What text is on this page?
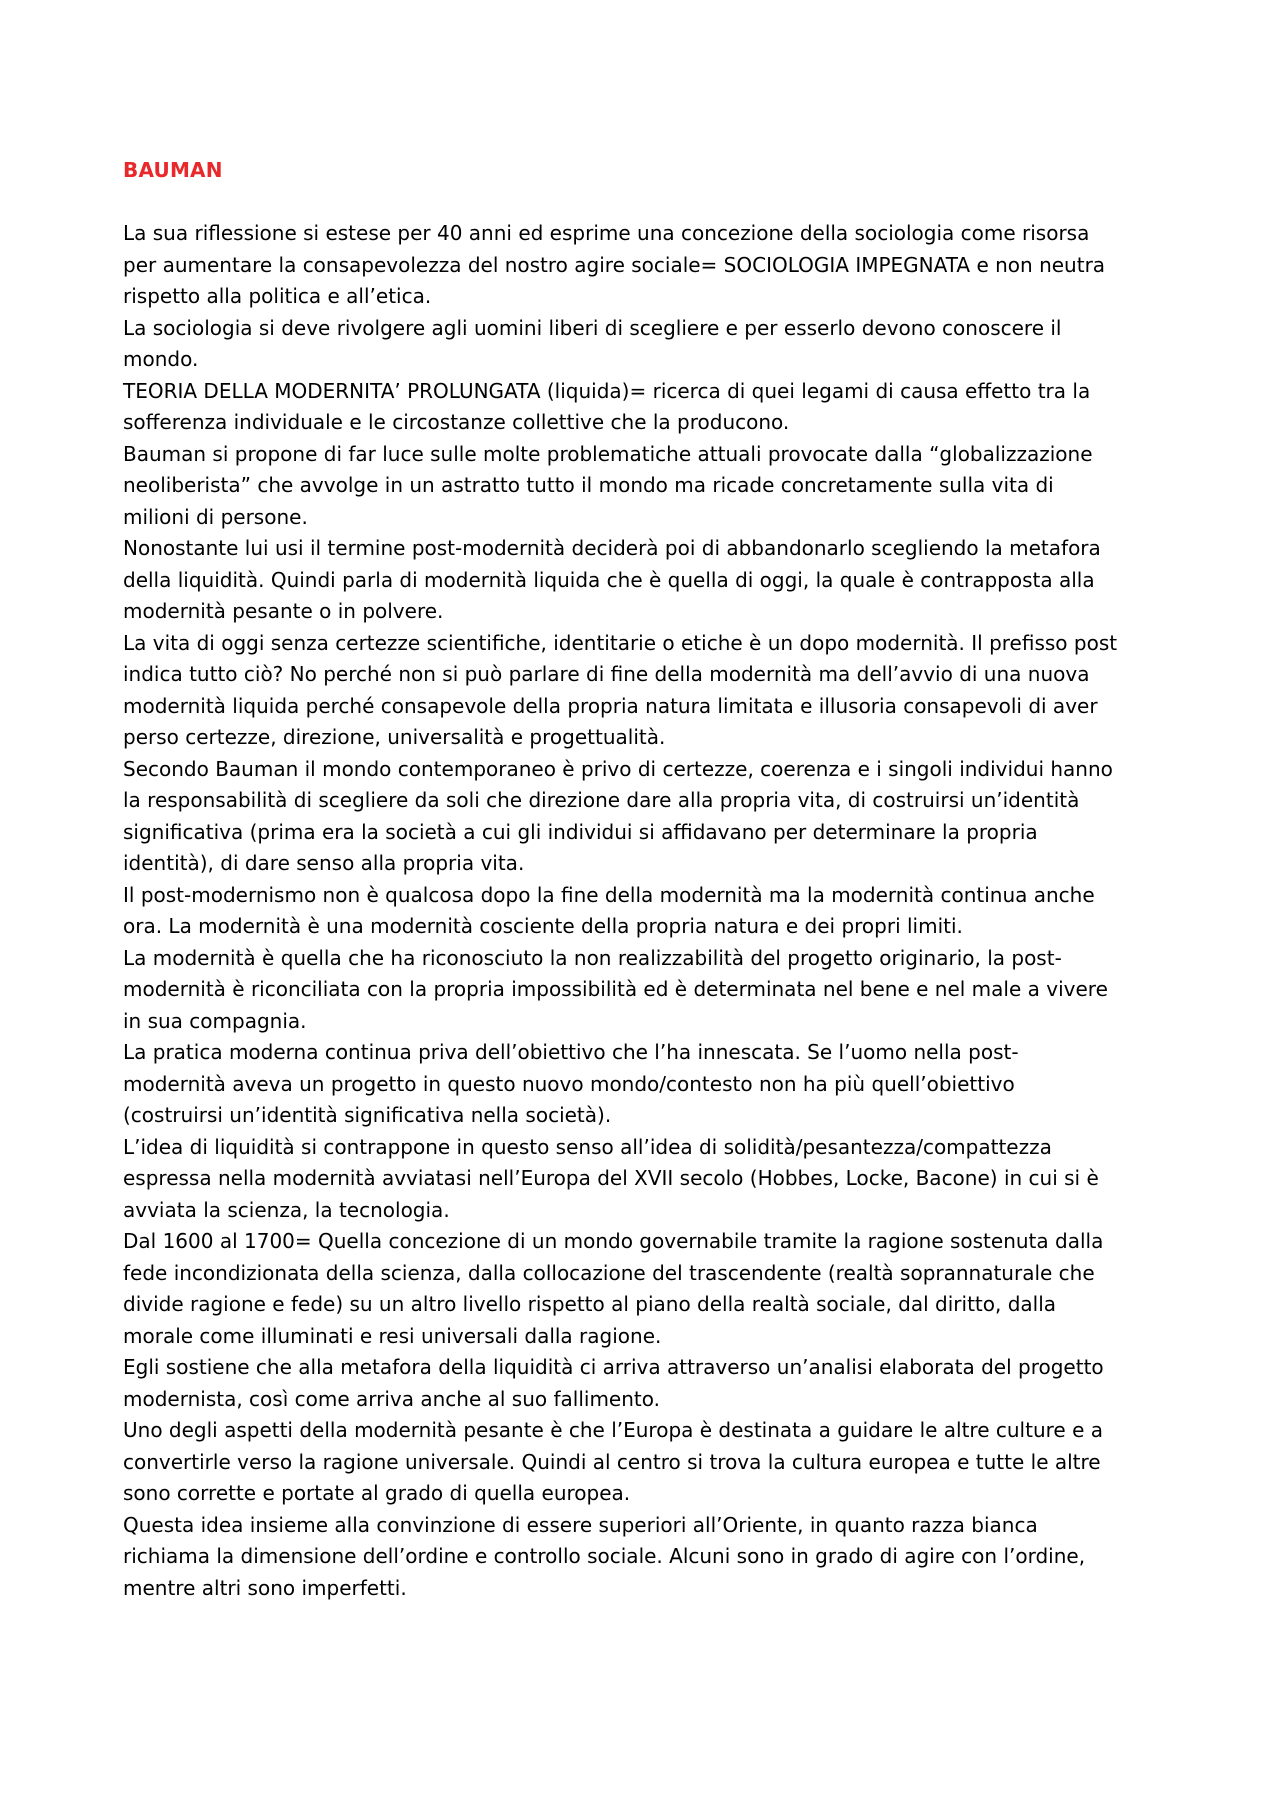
BAUMAN

La sua riflessione si estese per 40 anni ed esprime una concezione della sociologia come risorsa
per aumentare la consapevolezza del nostro agire sociale= SOCIOLOGIA IMPEGNATA e non neutra
rispetto alla politica e all’etica.

La sociologia si deve rivolgere agli uomini liberi di scegliere e per esserlo devono conoscere il
mondo.

TEORIA DELLA MODERNITA’ PROLUNGATA (liquida)= ricerca di quei legami di causa effetto tra la
sofferenza individuale e le circostanze collettive che la producono.

Bauman si propone di far luce sulle molte problematiche attuali provocate dalla “globalizzazione
neoliberista” che avvolge in un astratto tutto il mondo ma ricade concretamente sulla vita di
milioni di persone.

Nonostante lui usi il termine post-modernità deciderà poi di abbandonarlo scegliendo la metafora
della liquidità. Quindi parla di modernità liquida che è quella di oggi, la quale è contrapposta alla
modernità pesante o in polvere.

La vita di oggi senza certezze scientifiche, identitarie o etiche è un dopo modernità. Il prefisso post
indica tutto ciò? No perché non si può parlare di fine della modernità ma dell’avvio di una nuova
modernità liquida perché consapevole della propria natura limitata e illusoria consapevoli di aver
perso certezze, direzione, universalità e progettualità.

Secondo Bauman il mondo contemporaneo è privo di certezze, coerenza e i singoli individui hanno
la responsabilità di scegliere da soli che direzione dare alla propria vita, di costruirsi un’identità
significativa (prima era la società a cui gli individui si affidavano per determinare la propria
identità), di dare senso alla propria vita.

Il post-modernismo non è qualcosa dopo la fine della modernità ma la modernità continua anche
ora. La modernità è una modernità cosciente della propria natura e dei propri limiti.

La modernità è quella che ha riconosciuto la non realizzabilità del progetto originario, la post-
modernità è riconciliata con la propria impossibilità ed è determinata nel bene e nel male a vivere
in sua compagnia.

La pratica moderna continua priva dell’obiettivo che l’ha innescata. Se l’uomo nella post-
modernità aveva un progetto in questo nuovo mondo/contesto non ha più quell’obiettivo
(costruirsi un’identità significativa nella società).

L’idea di liquidità si contrappone in questo senso all’idea di solidità/pesantezza/compattezza
espressa nella modernità avviatasi nell’Europa del XVII secolo (Hobbes, Locke, Bacone) in cui si è
avviata la scienza, la tecnologia.

Dal 1600 al 1700= Quella concezione di un mondo governabile tramite la ragione sostenuta dalla
fede incondizionata della scienza, dalla collocazione del trascendente (realtà soprannaturale che
divide ragione e fede) su un altro livello rispetto al piano della realtà sociale, dal diritto, dalla
morale come illuminati e resi universali dalla ragione.

Egli sostiene che alla metafora della liquidità ci arriva attraverso un’analisi elaborata del progetto
modernista, così come arriva anche al suo fallimento.

Uno degli aspetti della modernità pesante è che l’Europa è destinata a guidare le altre culture e a
convertirle verso la ragione universale. Quindi al centro si trova la cultura europea e tutte le altre
sono corrette e portate al grado di quella europea.

Questa idea insieme alla convinzione di essere superiori all’Oriente, in quanto razza bianca
richiama la dimensione dell’ordine e controllo sociale. Alcuni sono in grado di agire con l’ordine,
mentre altri sono imperfetti.
